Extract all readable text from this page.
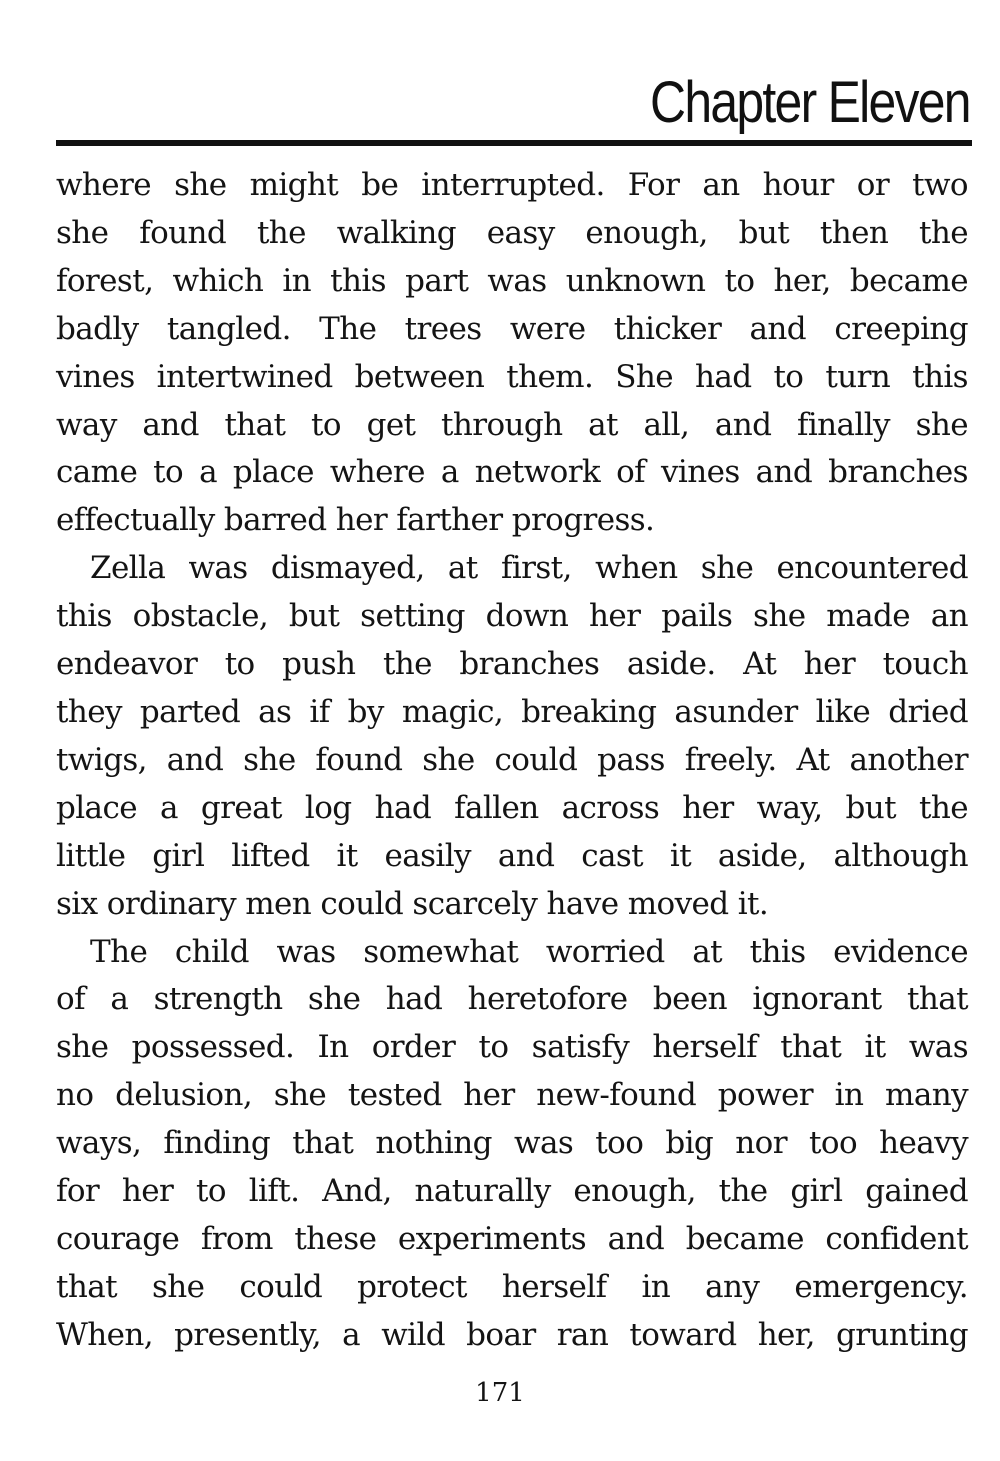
Chapter Eleven

where she might be interrupted. For an hour or two
she found the walking easy enough, but then the
forest, which in this part was unknown to her, became
badly tangled. The trees were thicker and creeping
vines intertwined between them. She had to turn this
way and that to get through at all, and finally she
came to a place where a network of vines and branches
effectually barred her farther progress.

Zella was dismayed, at first, when she encountered
this obstacle, but setting down her pails she made an
endeavor to push the branches aside. At her touch
they parted as if by magic, breaking asunder like dried
twigs, and she found she could pass freely. At another
place a great log had fallen across her way, but the
little girl lifted it easily and cast it aside, although
six ordinary men could scarcely have moved it.

The child was somewhat worried at this evidence
of a strength she had heretofore been ignorant that
she possessed. In order to satisfy herself that it was
no delusion, she tested her new-found power in many
ways, finding that nothing was too big nor too heavy
for her to lift. And, naturally enough, the girl gained
courage from these experiments and became confident
that she could protect herself in any emergency.
When, presently, a wild boar ran toward her, grunting

171
